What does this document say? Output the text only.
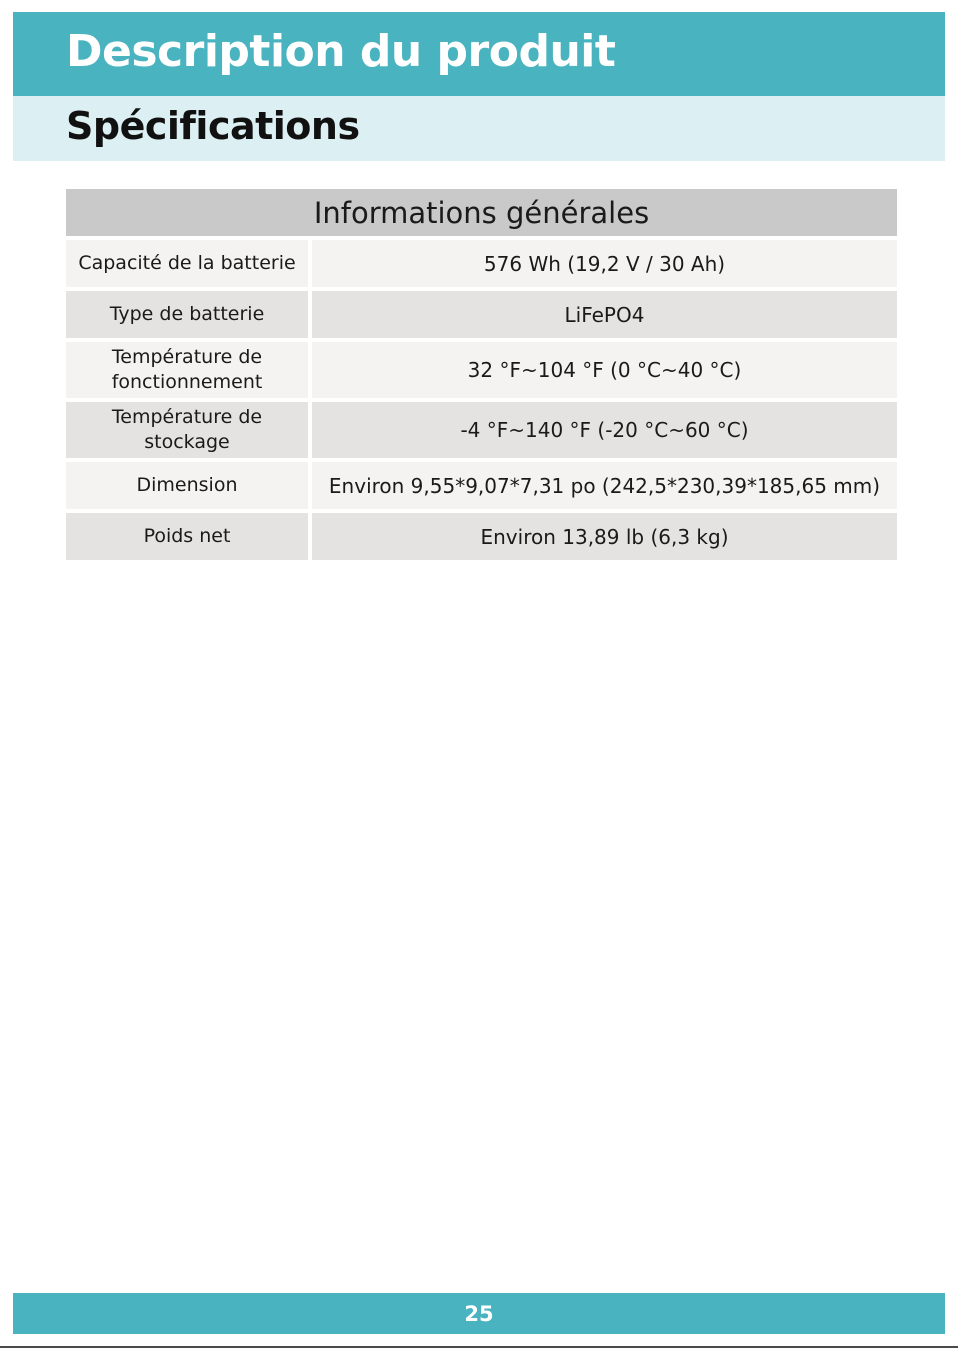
Description du produit
Spécifications
Informations générales
Capacité de la batterie	576 Wh (19,2 V / 30 Ah)
Type de batterie	LiFePO4
Température de fonctionnement	32 °F~104 °F (0 °C~40 °C)
Température de stockage	-4 °F~140 °F (-20 °C~60 °C)
Dimension	Environ 9,55*9,07*7,31 po (242,5*230,39*185,65 mm)
Poids net	Environ 13,89 lb (6,3 kg)
25
